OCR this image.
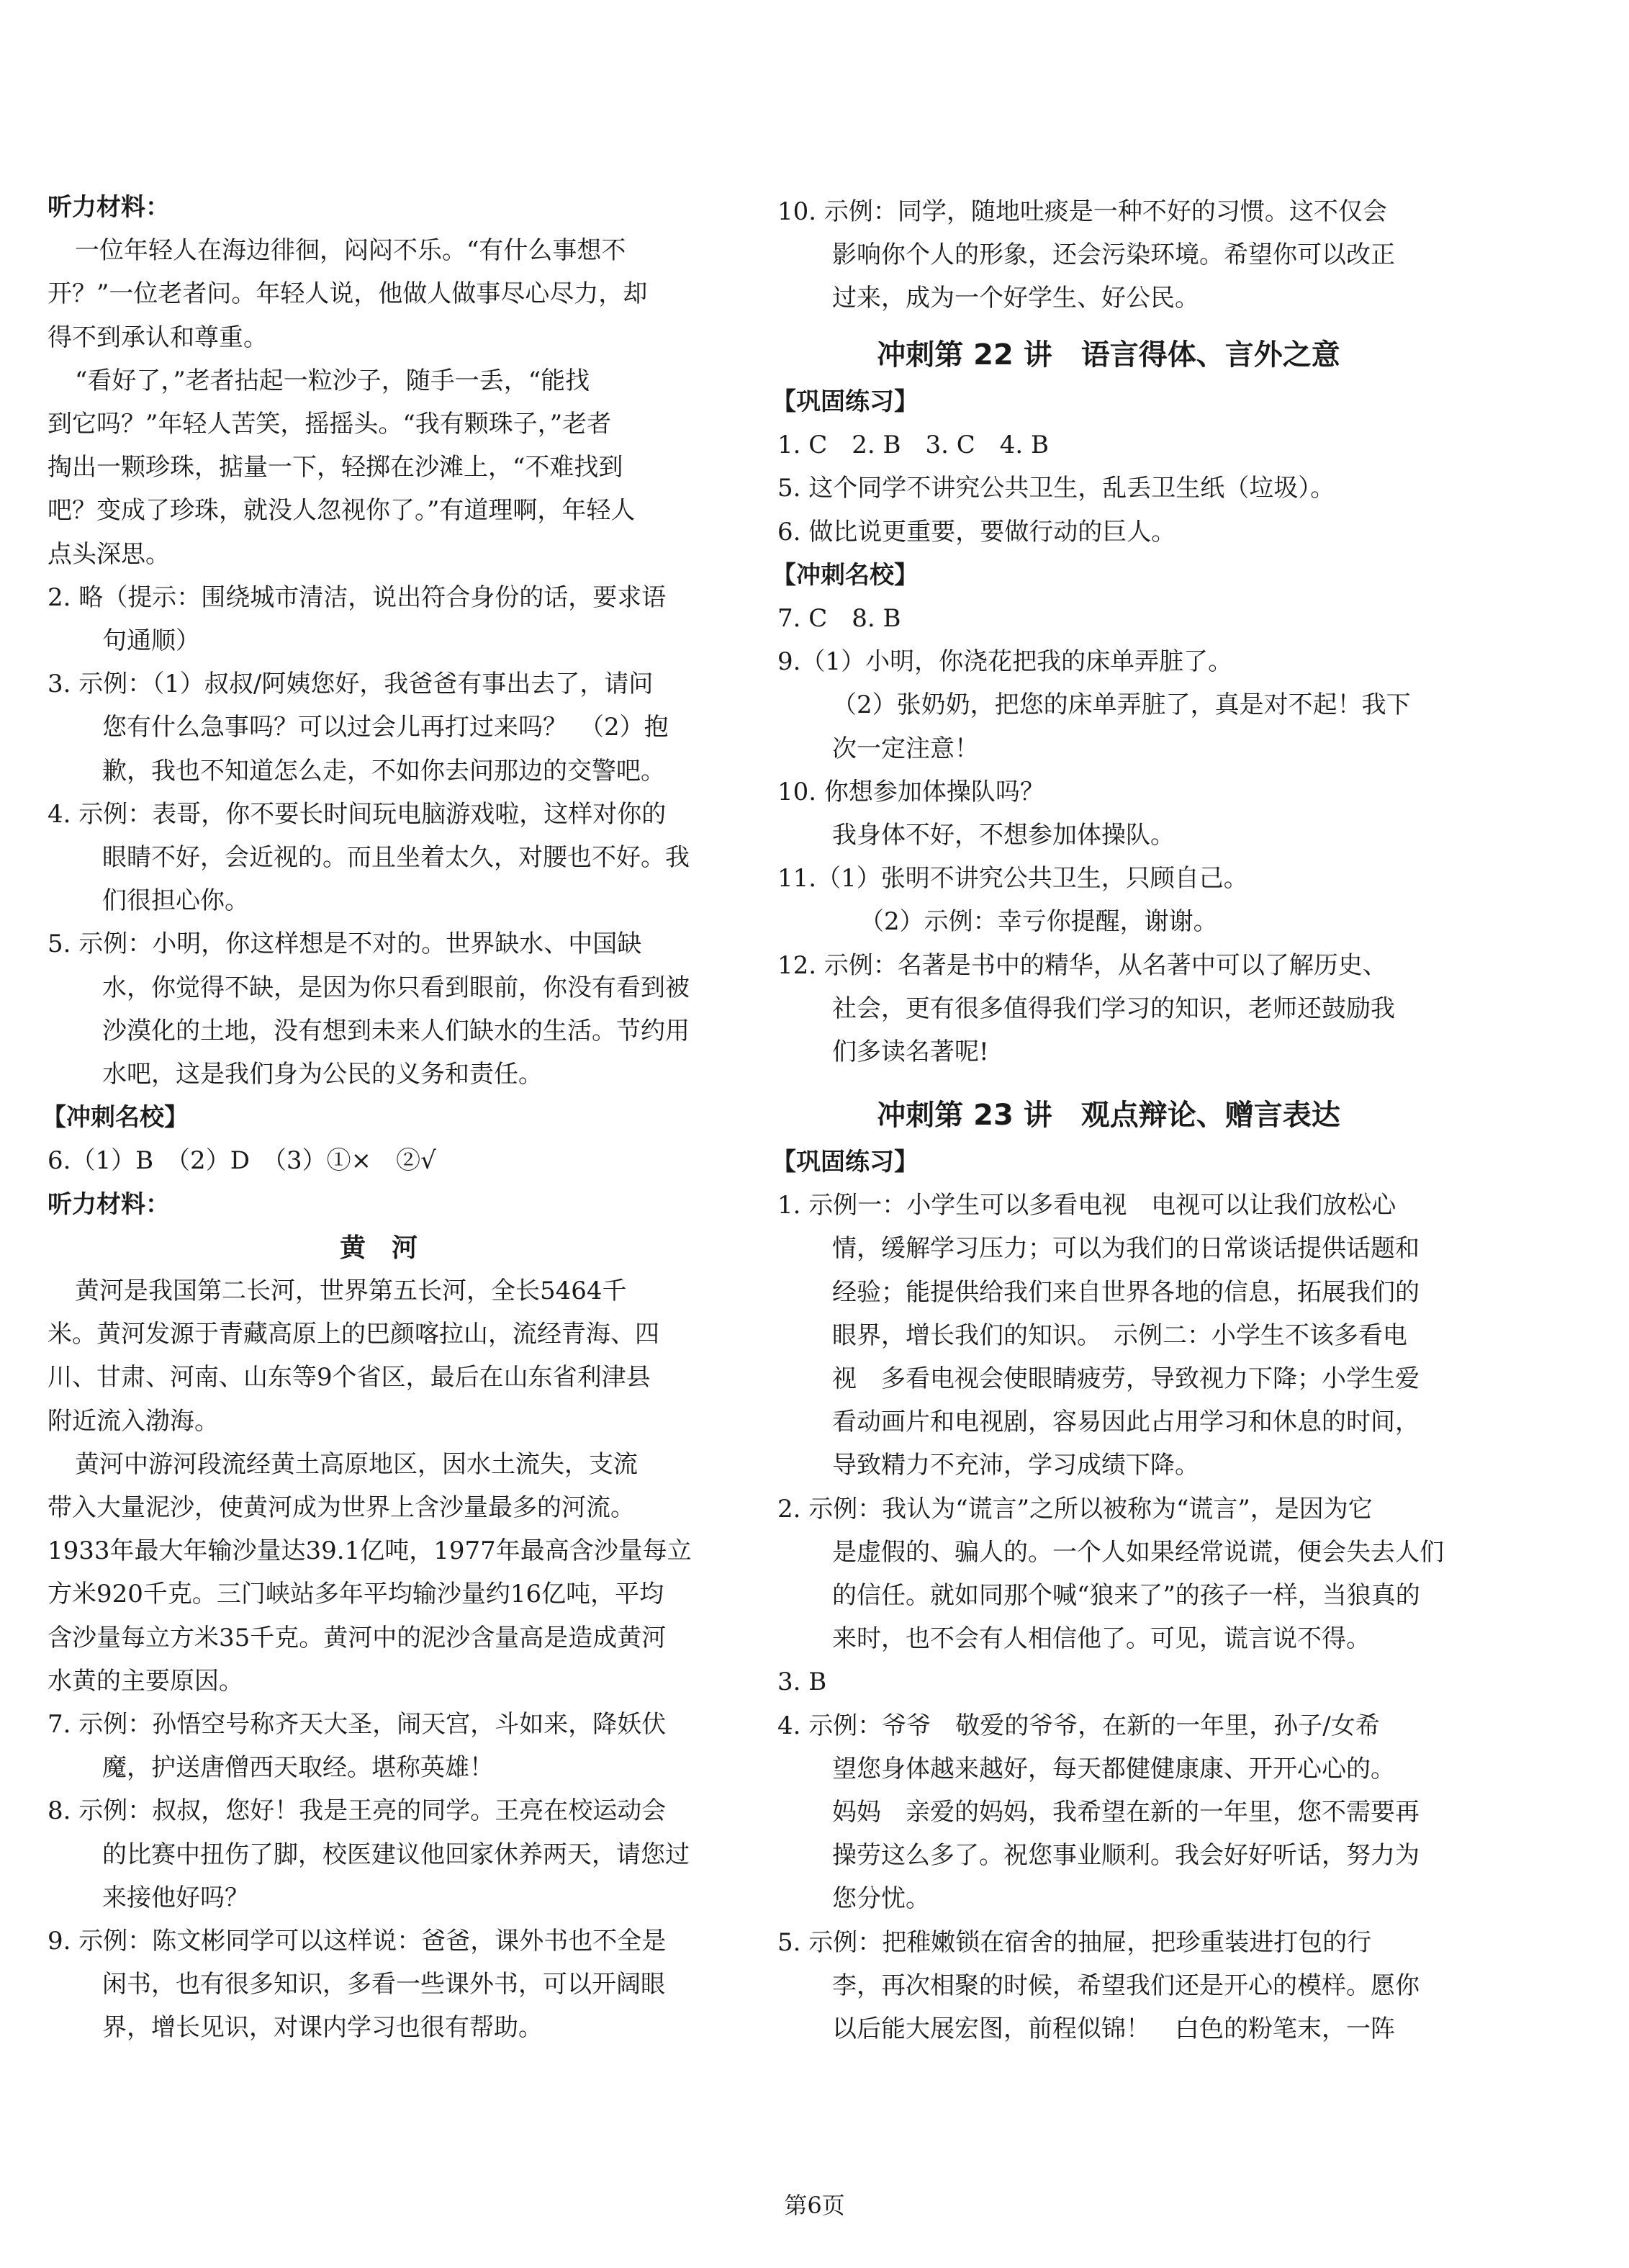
听力材料：
一位年轻人在海边徘徊，闷闷不乐。“有什么事想不
开？”一位老者问。年轻人说，他做人做事尽心尽力，却
得不到承认和尊重。
“看好了，”老者拈起一粒沙子，随手一丢，“能找
到它吗？”年轻人苦笑，摇摇头。“我有颗珠子，”老者
掏出一颗珍珠，掂量一下，轻掷在沙滩上，“不难找到
吧？变成了珍珠，就没人忽视你了。”有道理啊，年轻人
点头深思。
2. 略（提示：围绕城市清洁，说出符合身份的话，要求语
句通顺）
3. 示例：（1）叔叔/阿姨您好，我爸爸有事出去了，请问
您有什么急事吗？可以过会儿再打过来吗？　（2）抱
歉，我也不知道怎么走，不如你去问那边的交警吧。
4. 示例：表哥，你不要长时间玩电脑游戏啦，这样对你的
眼睛不好，会近视的。而且坐着太久，对腰也不好。我
们很担心你。
5. 示例：小明，你这样想是不对的。世界缺水、中国缺
水，你觉得不缺，是因为你只看到眼前，你没有看到被
沙漠化的土地，没有想到未来人们缺水的生活。节约用
水吧，这是我们身为公民的义务和责任。
【冲刺名校】
6.（1）B　（2）D　（3）①×　②√
听力材料：
黄　河
黄河是我国第二长河，世界第五长河，全长5464千
米。黄河发源于青藏高原上的巴颜喀拉山，流经青海、四
川、甘肃、河南、山东等9个省区，最后在山东省利津县
附近流入渤海。
黄河中游河段流经黄土高原地区，因水土流失，支流
带入大量泥沙，使黄河成为世界上含沙量最多的河流。
1933年最大年输沙量达39.1亿吨，1977年最高含沙量每立
方米920千克。三门峡站多年平均输沙量约16亿吨，平均
含沙量每立方米35千克。黄河中的泥沙含量高是造成黄河
水黄的主要原因。
7. 示例：孙悟空号称齐天大圣，闹天宫，斗如来，降妖伏
魔，护送唐僧西天取经。堪称英雄！
8. 示例：叔叔，您好！我是王亮的同学。王亮在校运动会
的比赛中扭伤了脚，校医建议他回家休养两天，请您过
来接他好吗？
9. 示例：陈文彬同学可以这样说：爸爸，课外书也不全是
闲书，也有很多知识，多看一些课外书，可以开阔眼
界，增长见识，对课内学习也很有帮助。
10. 示例：同学，随地吐痰是一种不好的习惯。这不仅会
影响你个人的形象，还会污染环境。希望你可以改正
过来，成为一个好学生、好公民。
冲刺第 22 讲　语言得体、言外之意
【巩固练习】
1. C　2. B　3. C　4. B
5. 这个同学不讲究公共卫生，乱丢卫生纸（垃圾）。
6. 做比说更重要，要做行动的巨人。
【冲刺名校】
7. C　8. B
9.（1）小明，你浇花把我的床单弄脏了。
（2）张奶奶，把您的床单弄脏了，真是对不起！我下
次一定注意！
10. 你想参加体操队吗？
我身体不好，不想参加体操队。
11.（1）张明不讲究公共卫生，只顾自己。
（2）示例：幸亏你提醒，谢谢。
12. 示例：名著是书中的精华，从名著中可以了解历史、
社会，更有很多值得我们学习的知识，老师还鼓励我
们多读名著呢!
冲刺第 23 讲　观点辩论、赠言表达
【巩固练习】
1. 示例一：小学生可以多看电视　电视可以让我们放松心
情，缓解学习压力；可以为我们的日常谈话提供话题和
经验；能提供给我们来自世界各地的信息，拓展我们的
眼界，增长我们的知识。　示例二：小学生不该多看电
视　多看电视会使眼睛疲劳，导致视力下降；小学生爱
看动画片和电视剧，容易因此占用学习和休息的时间，
导致精力不充沛，学习成绩下降。
2. 示例：我认为“谎言”之所以被称为“谎言”，是因为它
是虚假的、骗人的。一个人如果经常说谎，便会失去人们
的信任。就如同那个喊“狼来了”的孩子一样，当狼真的
来时，也不会有人相信他了。可见，谎言说不得。
3. B
4. 示例：爷爷　敬爱的爷爷，在新的一年里，孙子/女希
望您身体越来越好，每天都健健康康、开开心心的。
妈妈　亲爱的妈妈，我希望在新的一年里，您不需要再
操劳这么多了。祝您事业顺利。我会好好听话，努力为
您分忧。
5. 示例：把稚嫩锁在宿舍的抽屉，把珍重装进打包的行
李，再次相聚的时候，希望我们还是开心的模样。愿你
以后能大展宏图，前程似锦！　白色的粉笔末，一阵
第6页
